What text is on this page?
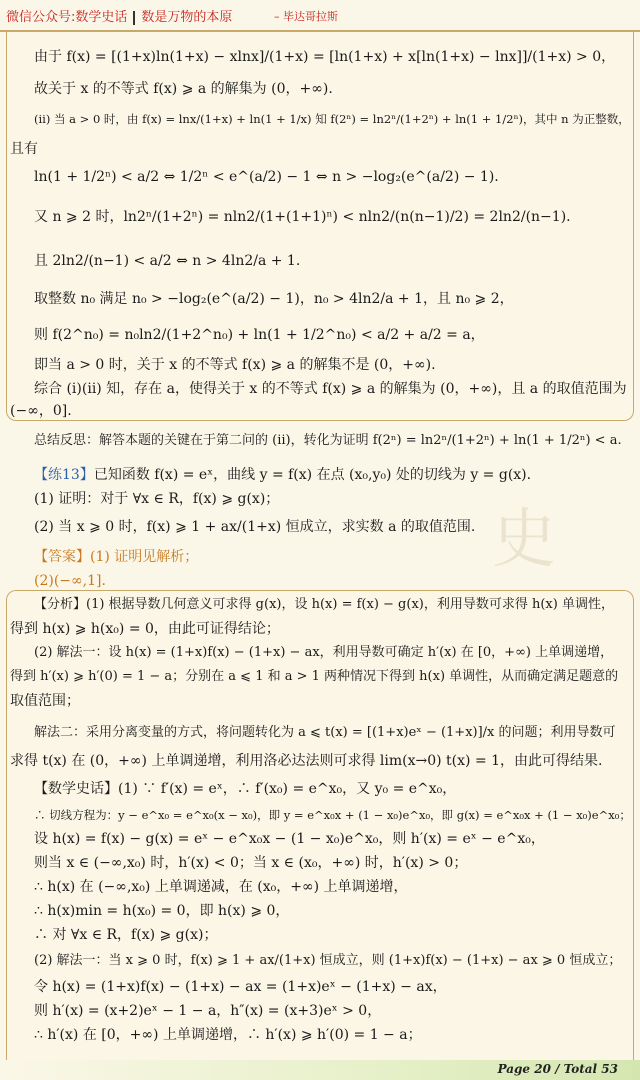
微信公众号:数学史话 数是万物的本原	– 毕达哥拉斯
由于 f(x) = [(1+x)ln(1+x) − xlnx]/(1+x) = [ln(1+x) + x[ln(1+x) − lnx]]/(1+x) > 0，
故关于 x 的不等式 f(x) ⩾ a 的解集为 (0，+∞).
(ⅱ) 当 a > 0 时，由 f(x) = lnx/(1+x) + ln(1 + 1/x) 知 f(2ⁿ) = ln2ⁿ/(1+2ⁿ) + ln(1 + 1/2ⁿ)，其中 n 为正整数，
且有
ln(1 + 1/2ⁿ) < a/2 ⇔ 1/2ⁿ < e^(a/2) − 1 ⇔ n > −log₂(e^(a/2) − 1).
又 n ⩾ 2 时，ln2ⁿ/(1+2ⁿ) = nln2/(1+(1+1)ⁿ) < nln2/(n(n−1)/2) = 2ln2/(n−1).
且 2ln2/(n−1) < a/2 ⇔ n > 4ln2/a + 1.
取整数 n₀ 满足 n₀ > −log₂(e^(a/2) − 1)，n₀ > 4ln2/a + 1，且 n₀ ⩾ 2，
则 f(2^n₀) = n₀ln2/(1+2^n₀) + ln(1 + 1/2^n₀) < a/2 + a/2 = a，
即当 a > 0 时，关于 x 的不等式 f(x) ⩾ a 的解集不是 (0，+∞).
综合 (ⅰ)(ⅱ) 知，存在 a，使得关于 x 的不等式 f(x) ⩾ a 的解集为 (0，+∞)，且 a 的取值范围为
(−∞，0].
总结反思：解答本题的关键在于第二问的 (ⅱ)，转化为证明 f(2ⁿ) = ln2ⁿ/(1+2ⁿ) + ln(1 + 1/2ⁿ) < a.
史
【练13】已知函数 f(x) = eˣ，曲线 y = f(x) 在点 (x₀,y₀) 处的切线为 y = g(x).
(1) 证明：对于 ∀x ∈ R，f(x) ⩾ g(x)；
(2) 当 x ⩾ 0 时，f(x) ⩾ 1 + ax/(1+x) 恒成立，求实数 a 的取值范围.
【答案】(1) 证明见解析；
(2)(−∞,1].
【分析】(1) 根据导数几何意义可求得 g(x)，设 h(x) = f(x) − g(x)，利用导数可求得 h(x) 单调性，
得到 h(x) ⩾ h(x₀) = 0，由此可证得结论；
(2) 解法一：设 h(x) = (1+x)f(x) − (1+x) − ax，利用导数可确定 h′(x) 在 [0，+∞) 上单调递增，
得到 h′(x) ⩾ h′(0) = 1 − a；分别在 a ⩽ 1 和 a > 1 两种情况下得到 h(x) 单调性，从而确定满足题意的
取值范围；
解法二：采用分离变量的方式，将问题转化为 a ⩽ t(x) = [(1+x)eˣ − (1+x)]/x 的问题；利用导数可
求得 t(x) 在 (0，+∞) 上单调递增，利用洛必达法则可求得 lim(x→0) t(x) = 1，由此可得结果.
【数学史话】(1) ∵ f′(x) = eˣ，∴ f′(x₀) = e^x₀，又 y₀ = e^x₀，
∴ 切线方程为：y − e^x₀ = e^x₀(x − x₀)，即 y = e^x₀x + (1 − x₀)e^x₀，即 g(x) = e^x₀x + (1 − x₀)e^x₀；
设 h(x) = f(x) − g(x) = eˣ − e^x₀x − (1 − x₀)e^x₀，则 h′(x) = eˣ − e^x₀，
则当 x ∈ (−∞,x₀) 时，h′(x) < 0；当 x ∈ (x₀，+∞) 时，h′(x) > 0；
∴ h(x) 在 (−∞,x₀) 上单调递减，在 (x₀，+∞) 上单调递增，
∴ h(x)min = h(x₀) = 0，即 h(x) ⩾ 0，
∴ 对 ∀x ∈ R，f(x) ⩾ g(x)；
(2) 解法一：当 x ⩾ 0 时，f(x) ⩾ 1 + ax/(1+x) 恒成立，则 (1+x)f(x) − (1+x) − ax ⩾ 0 恒成立；
令 h(x) = (1+x)f(x) − (1+x) − ax = (1+x)eˣ − (1+x) − ax，
则 h′(x) = (x+2)eˣ − 1 − a，h″(x) = (x+3)eˣ > 0，
∴ h′(x) 在 [0，+∞) 上单调递增，∴ h′(x) ⩾ h′(0) = 1 − a；
Page 20 / Total 53
